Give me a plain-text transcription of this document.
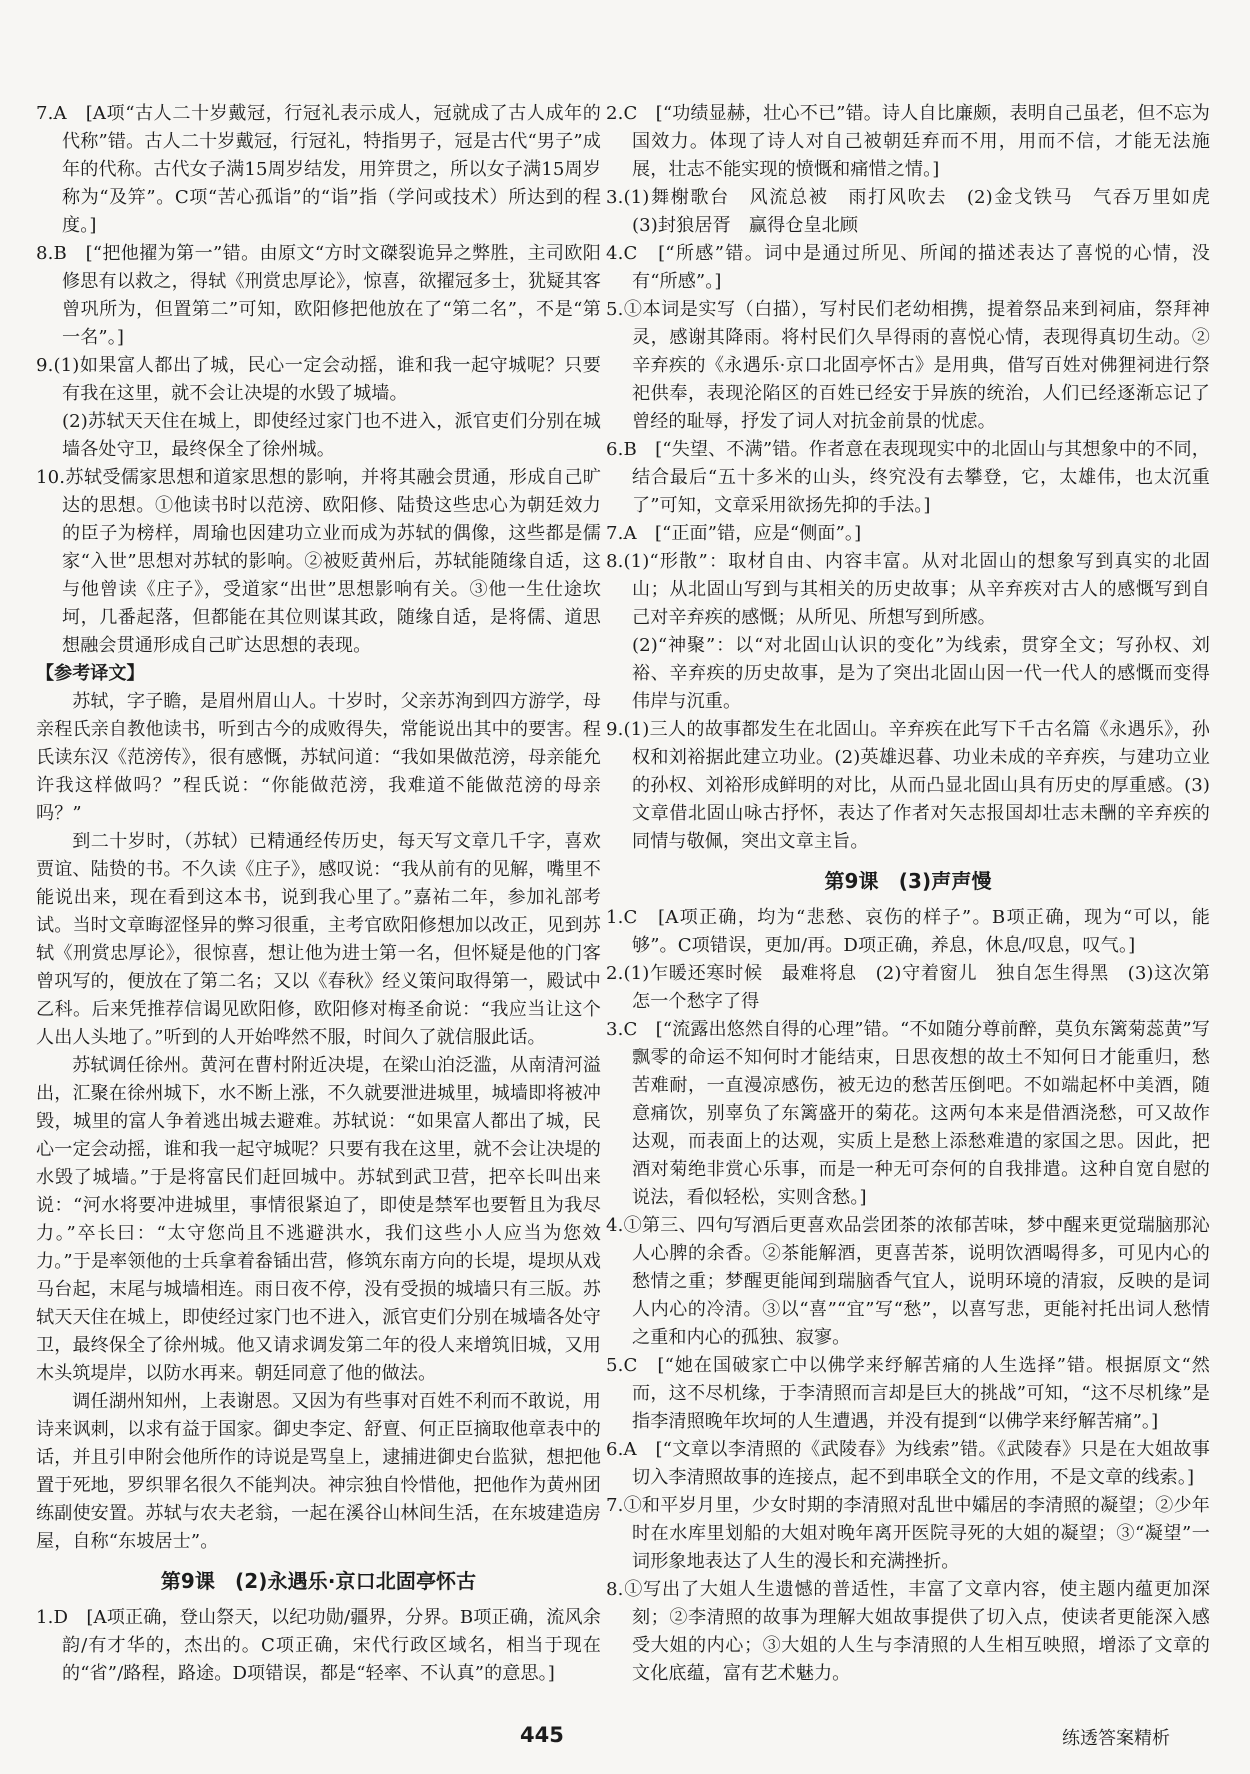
7.A　[A项“古人二十岁戴冠，行冠礼表示成人，冠就成了古人成年的代称”错。古人二十岁戴冠，行冠礼，特指男子，冠是古代“男子”成年的代称。古代女子满15周岁结发，用笄贯之，所以女子满15周岁称为“及笄”。C项“苦心孤诣”的“诣”指（学问或技术）所达到的程度。]

8.B　[“把他擢为第一”错。由原文“方时文磔裂诡异之弊胜，主司欧阳修思有以救之，得轼《刑赏忠厚论》，惊喜，欲擢冠多士，犹疑其客曾巩所为，但置第二”可知，欧阳修把他放在了“第二名”，不是“第一名”。]

9.(1)如果富人都出了城，民心一定会动摇，谁和我一起守城呢？只要有我在这里，就不会让决堤的水毁了城墙。

(2)苏轼天天住在城上，即使经过家门也不进入，派官吏们分别在城墙各处守卫，最终保全了徐州城。

10.苏轼受儒家思想和道家思想的影响，并将其融会贯通，形成自己旷达的思想。①他读书时以范滂、欧阳修、陆贽这些忠心为朝廷效力的臣子为榜样，周瑜也因建功立业而成为苏轼的偶像，这些都是儒家“入世”思想对苏轼的影响。②被贬黄州后，苏轼能随缘自适，这与他曾读《庄子》，受道家“出世”思想影响有关。③他一生仕途坎坷，几番起落，但都能在其位则谋其政，随缘自适，是将儒、道思想融会贯通形成自己旷达思想的表现。

【参考译文】

苏轼，字子瞻，是眉州眉山人。十岁时，父亲苏洵到四方游学，母亲程氏亲自教他读书，听到古今的成败得失，常能说出其中的要害。程氏读东汉《范滂传》，很有感慨，苏轼问道：“我如果做范滂，母亲能允许我这样做吗？”程氏说：“你能做范滂，我难道不能做范滂的母亲吗？”

到二十岁时，（苏轼）已精通经传历史，每天写文章几千字，喜欢贾谊、陆贽的书。不久读《庄子》，感叹说：“我从前有的见解，嘴里不能说出来，现在看到这本书，说到我心里了。”嘉祐二年，参加礼部考试。当时文章晦涩怪异的弊习很重，主考官欧阳修想加以改正，见到苏轼《刑赏忠厚论》，很惊喜，想让他为进士第一名，但怀疑是他的门客曾巩写的，便放在了第二名；又以《春秋》经义策问取得第一，殿试中乙科。后来凭推荐信谒见欧阳修，欧阳修对梅圣俞说：“我应当让这个人出人头地了。”听到的人开始哗然不服，时间久了就信服此话。

苏轼调任徐州。黄河在曹村附近决堤，在梁山泊泛滥，从南清河溢出，汇聚在徐州城下，水不断上涨，不久就要泄进城里，城墙即将被冲毁，城里的富人争着逃出城去避难。苏轼说：“如果富人都出了城，民心一定会动摇，谁和我一起守城呢？只要有我在这里，就不会让决堤的水毁了城墙。”于是将富民们赶回城中。苏轼到武卫营，把卒长叫出来说：“河水将要冲进城里，事情很紧迫了，即使是禁军也要暂且为我尽力。”卒长曰：“太守您尚且不逃避洪水，我们这些小人应当为您效力。”于是率领他的士兵拿着畚锸出营，修筑东南方向的长堤，堤坝从戏马台起，末尾与城墙相连。雨日夜不停，没有受损的城墙只有三版。苏轼天天住在城上，即使经过家门也不进入，派官吏们分别在城墙各处守卫，最终保全了徐州城。他又请求调发第二年的役人来增筑旧城，又用木头筑堤岸，以防水再来。朝廷同意了他的做法。

调任湖州知州，上表谢恩。又因为有些事对百姓不利而不敢说，用诗来讽刺，以求有益于国家。御史李定、舒亶、何正臣摘取他章表中的话，并且引申附会他所作的诗说是骂皇上，逮捕进御史台监狱，想把他置于死地，罗织罪名很久不能判决。神宗独自怜惜他，把他作为黄州团练副使安置。苏轼与农夫老翁，一起在溪谷山林间生活，在东坡建造房屋，自称“东坡居士”。

第9课　(2)永遇乐·京口北固亭怀古

1.D　[A项正确，登山祭天，以纪功勋/疆界，分界。B项正确，流风余韵/有才华的，杰出的。C项正确，宋代行政区域名，相当于现在的“省”/路程，路途。D项错误，都是“轻率、不认真”的意思。]

2.C　[“功绩显赫，壮心不已”错。诗人自比廉颇，表明自己虽老，但不忘为国效力。体现了诗人对自己被朝廷弃而不用，用而不信，才能无法施展，壮志不能实现的愤慨和痛惜之情。]

3.(1)舞榭歌台　风流总被　雨打风吹去　(2)金戈铁马　气吞万里如虎　(3)封狼居胥　赢得仓皇北顾

4.C　[“所感”错。词中是通过所见、所闻的描述表达了喜悦的心情，没有“所感”。]

5.①本词是实写（白描），写村民们老幼相携，提着祭品来到祠庙，祭拜神灵，感谢其降雨。将村民们久旱得雨的喜悦心情，表现得真切生动。②辛弃疾的《永遇乐·京口北固亭怀古》是用典，借写百姓对佛狸祠进行祭祀供奉，表现沦陷区的百姓已经安于异族的统治，人们已经逐渐忘记了曾经的耻辱，抒发了词人对抗金前景的忧虑。

6.B　[“失望、不满”错。作者意在表现现实中的北固山与其想象中的不同，结合最后“五十多米的山头，终究没有去攀登，它，太雄伟，也太沉重了”可知，文章采用欲扬先抑的手法。]

7.A　[“正面”错，应是“侧面”。]

8.(1)“形散”：取材自由、内容丰富。从对北固山的想象写到真实的北固山；从北固山写到与其相关的历史故事；从辛弃疾对古人的感慨写到自己对辛弃疾的感慨；从所见、所想写到所感。

(2)“神聚”：以“对北固山认识的变化”为线索，贯穿全文；写孙权、刘裕、辛弃疾的历史故事，是为了突出北固山因一代一代人的感慨而变得伟岸与沉重。

9.(1)三人的故事都发生在北固山。辛弃疾在此写下千古名篇《永遇乐》，孙权和刘裕据此建立功业。(2)英雄迟暮、功业未成的辛弃疾，与建功立业的孙权、刘裕形成鲜明的对比，从而凸显北固山具有历史的厚重感。(3)文章借北固山咏古抒怀，表达了作者对矢志报国却壮志未酬的辛弃疾的同情与敬佩，突出文章主旨。

第9课　(3)声声慢

1.C　[A项正确，均为“悲愁、哀伤的样子”。B项正确，现为“可以，能够”。C项错误，更加/再。D项正确，养息，休息/叹息，叹气。]

2.(1)乍暖还寒时候　最难将息　(2)守着窗儿　独自怎生得黑　(3)这次第　怎一个愁字了得

3.C　[“流露出悠然自得的心理”错。“不如随分尊前醉，莫负东篱菊蕊黄”写飘零的命运不知何时才能结束，日思夜想的故土不知何日才能重归，愁苦难耐，一直漫凉感伤，被无边的愁苦压倒吧。不如端起杯中美酒，随意痛饮，别辜负了东篱盛开的菊花。这两句本来是借酒浇愁，可又故作达观，而表面上的达观，实质上是愁上添愁难遣的家国之思。因此，把酒对菊绝非赏心乐事，而是一种无可奈何的自我排遣。这种自宽自慰的说法，看似轻松，实则含愁。]

4.①第三、四句写酒后更喜欢品尝团茶的浓郁苦味，梦中醒来更觉瑞脑那沁人心脾的余香。②茶能解酒，更喜苦茶，说明饮酒喝得多，可见内心的愁情之重；梦醒更能闻到瑞脑香气宜人，说明环境的清寂，反映的是词人内心的冷清。③以“喜”“宜”写“愁”，以喜写悲，更能衬托出词人愁情之重和内心的孤独、寂寥。

5.C　[“她在国破家亡中以佛学来纾解苦痛的人生选择”错。根据原文“然而，这不尽机缘，于李清照而言却是巨大的挑战”可知，“这不尽机缘”是指李清照晚年坎坷的人生遭遇，并没有提到“以佛学来纾解苦痛”。]

6.A　[“文章以李清照的《武陵春》为线索”错。《武陵春》只是在大姐故事切入李清照故事的连接点，起不到串联全文的作用，不是文章的线索。]

7.①和平岁月里，少女时期的李清照对乱世中孀居的李清照的凝望；②少年时在水库里划船的大姐对晚年离开医院寻死的大姐的凝望；③“凝望”一词形象地表达了人生的漫长和充满挫折。

8.①写出了大姐人生遗憾的普适性，丰富了文章内容，使主题内蕴更加深刻；②李清照的故事为理解大姐故事提供了切入点，使读者更能深入感受大姐的内心；③大姐的人生与李清照的人生相互映照，增添了文章的文化底蕴，富有艺术魅力。

445	练透答案精析
